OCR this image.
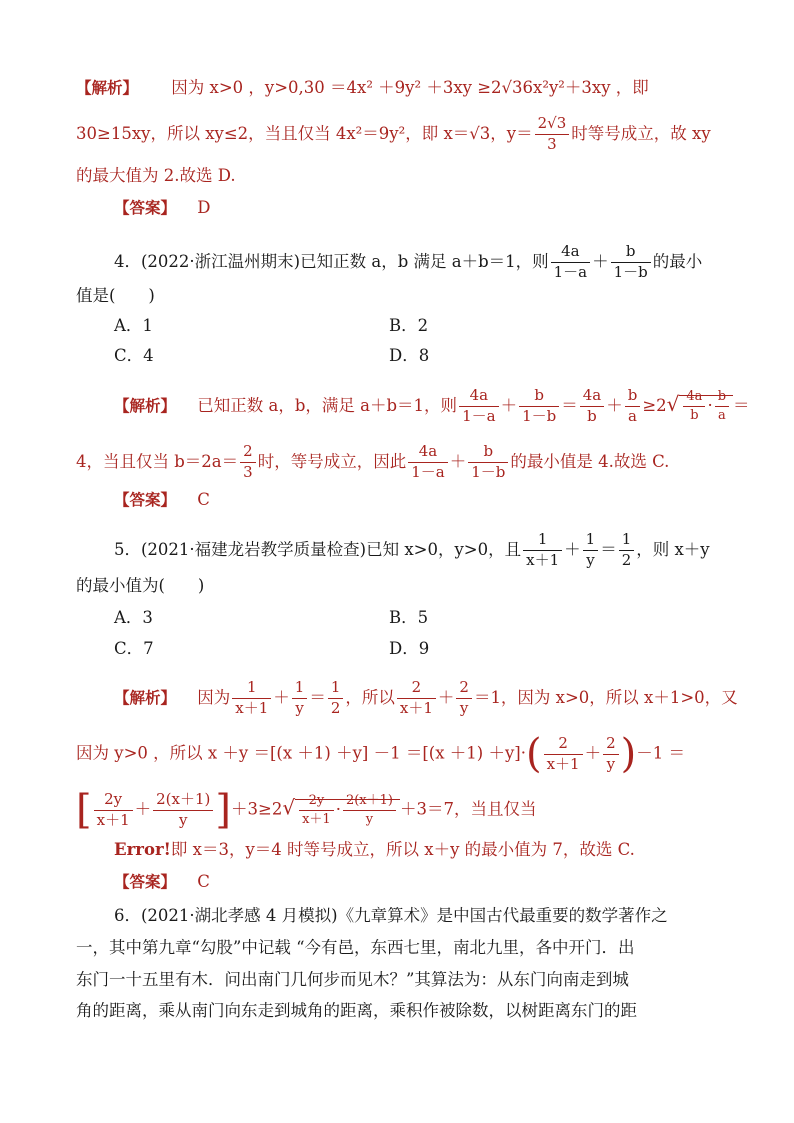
【解析】 因为 x>0 ，y>0,30 ＝4x² ＋9y² ＋3xy ≥2√36x²y²＋3xy ，即
30≥15xy，所以 xy≤2，当且仅当 4x²＝9y²，即 x＝√3，$y= \frac{2√3}{3}$ 时等号成立，故 xy
的最大值为 2.故选 D.
【答案】 D
4．(2022·浙江温州期末)已知正数 a，b 满足 a＋b＝1，则 $\frac{4a}{1-a} + \frac{b}{1-b}$ 的最小
值是(　　)
A．1	B．2
C．4	D．8
【解析】 已知正数 a，b，满足 a＋b＝1，则 $\frac{4a}{1-a} + \frac{b}{1-b} = \frac{4a}{b} + \frac{b}{a} \ge 2√ \frac{4a}{b} \cdot \frac{b}{a}$ ＝
4，当且仅当 $b=2a= \frac{2}{3}$ 时，等号成立，因此 $\frac{4a}{1-a} + \frac{b}{1-b}$ 的最小值是 4.故选 C.
【答案】 C
5．(2021·福建龙岩教学质量检查)已知 x>0，y>0，且 $\frac{1}{x+1} + \frac{1}{y} = \frac{1}{2}$ ，则 x＋y
的最小值为(　　)
A．3	B．5
C．7	D．9
【解析】 因为 $\frac{1}{x+1} + \frac{1}{y} = \frac{1}{2}$ ，所以 $\frac{2}{x+1} + \frac{2}{y} =1$，因为 x>0，所以 x＋1>0，又
因为 y>0 ，所以 $x +y =[(x +1) +y] -1 =[(x +1) +y]\cdot( \frac{2}{x+1} + \frac{2}{y} )-1$ ＝
[ $\frac{2y}{x+1} + \frac{2(x+1)}{y} ]+3\ge 2√ \frac{2y}{x+1} \cdot \frac{2(x+1)}{y} +3=7$，当且仅当
Error!即 x＝3，y＝4 时等号成立，所以 x＋y 的最小值为 7，故选 C.
【答案】 C
6．(2021·湖北孝感 4 月模拟)《九章算术》是中国古代最重要的数学著作之
一，其中第九章“勾股”中记载 “今有邑，东西七里，南北九里，各中开门．出
东门一十五里有木．问出南门几何步而见木？”其算法为：从东门向南走到城
角的距离，乘从南门向东走到城角的距离，乘积作被除数，以树距离东门的距
